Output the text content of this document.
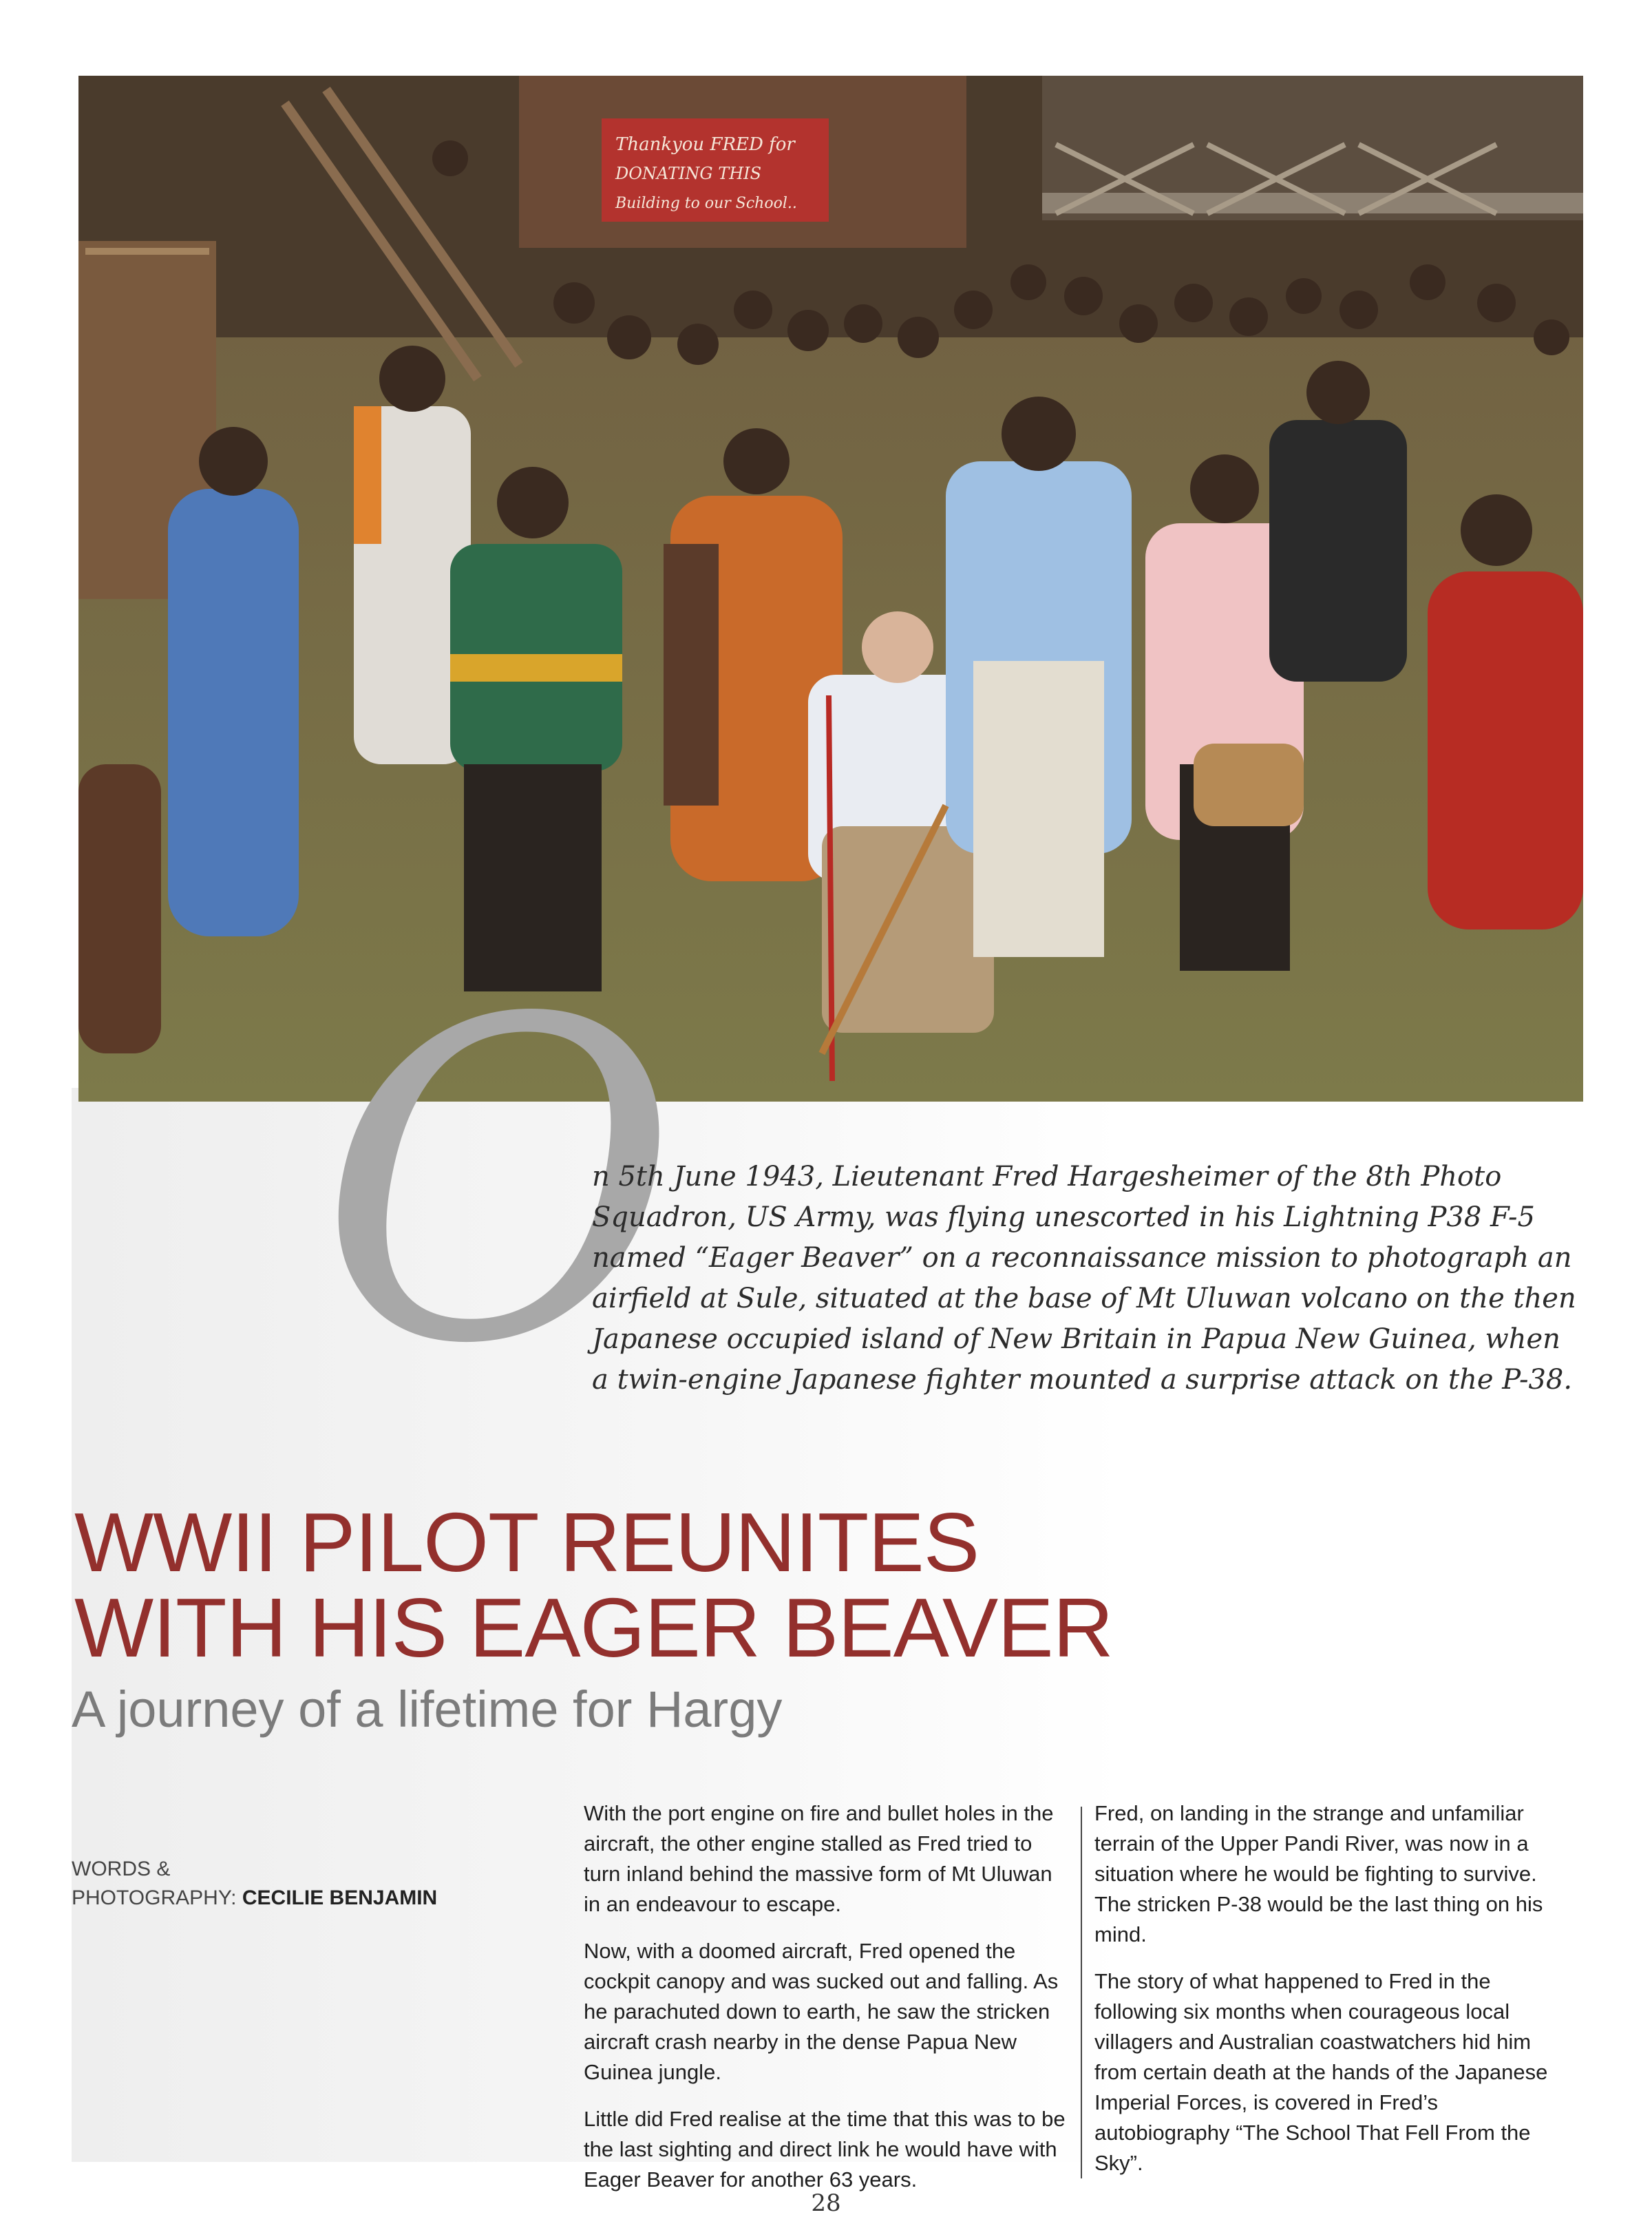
Thankyou FRED for
DONATING THIS
Building to our School..
O
n 5th June 1943, Lieutenant Fred Hargesheimer of the 8th Photo Squadron, US Army, was flying unescorted in his Lightning P38 F-5 named “Eager Beaver” on a reconnaissance mission to photograph an airfield at Sule, situated at the base of Mt Uluwan volcano on the then Japanese occupied island of New Britain in Papua New Guinea, when a twin-engine Japanese fighter mounted a surprise attack on the P-38.
WWII PILOT REUNITES
WITH HIS EAGER BEAVER
A journey of a lifetime for Hargy
WORDS &
PHOTOGRAPHY: CECILIE BENJAMIN

With the port engine on fire and bullet holes in the aircraft, the other engine stalled as Fred tried to turn inland behind the massive form of Mt Uluwan in an endeavour to escape.

Now, with a doomed aircraft, Fred opened the cockpit canopy and was sucked out and falling. As he parachuted down to earth, he saw the stricken aircraft crash nearby in the dense Papua New Guinea jungle.

Little did Fred realise at the time that this was to be the last sighting and direct link he would have with Eager Beaver for another 63 years.

Fred, on landing in the strange and unfamiliar terrain of the Upper Pandi River, was now in a situation where he would be fighting to survive. The stricken P-38 would be the last thing on his mind.

The story of what happened to Fred in the following six months when courageous local villagers and Australian coastwatchers hid him from certain death at the hands of the Japanese Imperial Forces, is covered in Fred’s autobiography “The School That Fell From the Sky”.

28
